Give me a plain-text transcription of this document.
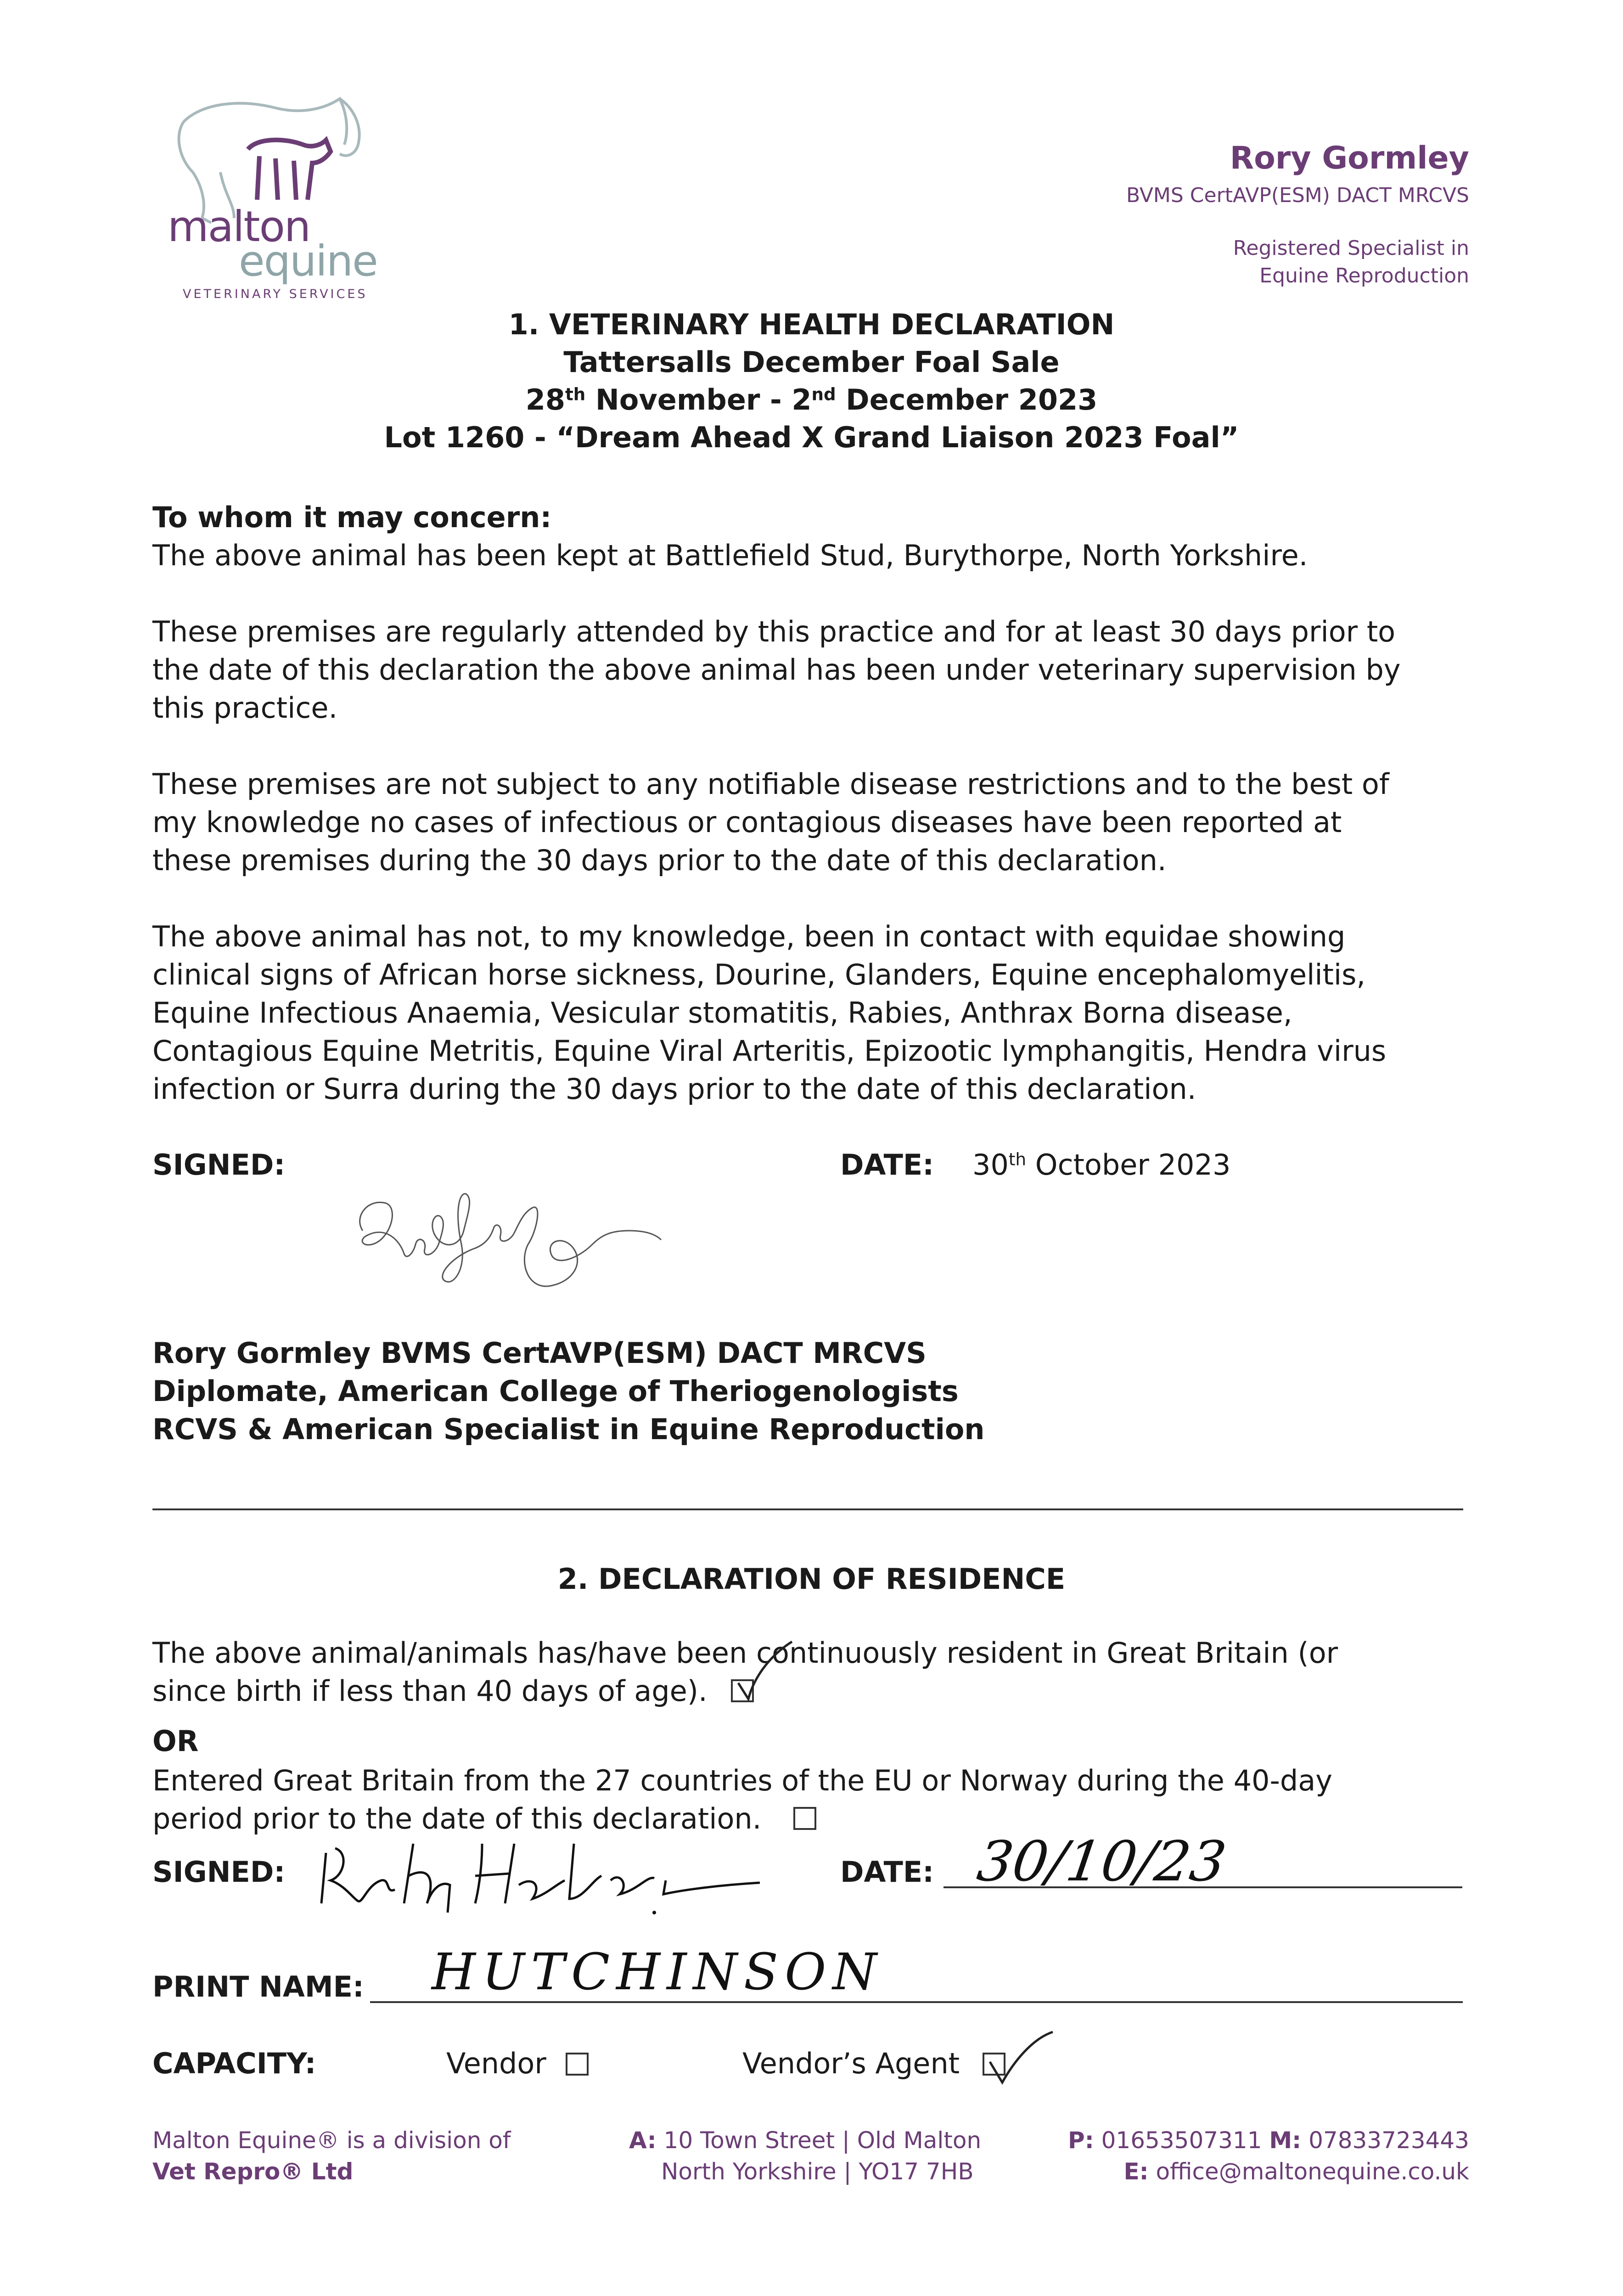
malton
equine
VETERINARY SERVICES
Rory Gormley
BVMS CertAVP(ESM) DACT MRCVS
Registered Specialist in
Equine Reproduction
1. VETERINARY HEALTH DECLARATION
Tattersalls December Foal Sale
28th November - 2nd December 2023
Lot 1260 - “Dream Ahead X Grand Liaison 2023 Foal”
To whom it may concern:
The above animal has been kept at Battlefield Stud, Burythorpe, North Yorkshire.
These premises are regularly attended by this practice and for at least 30 days prior to
the date of this declaration the above animal has been under veterinary supervision by
this practice.
These premises are not subject to any notifiable disease restrictions and to the best of
my knowledge no cases of infectious or contagious diseases have been reported at
these premises during the 30 days prior to the date of this declaration.
The above animal has not, to my knowledge, been in contact with equidae showing
clinical signs of African horse sickness, Dourine, Glanders, Equine encephalomyelitis,
Equine Infectious Anaemia, Vesicular stomatitis, Rabies, Anthrax Borna disease,
Contagious Equine Metritis, Equine Viral Arteritis, Epizootic lymphangitis, Hendra virus
infection or Surra during the 30 days prior to the date of this declaration.
SIGNED:	DATE: 30th October 2023
Rory Gormley BVMS CertAVP(ESM) DACT MRCVS
Diplomate, American College of Theriogenologists
RCVS & American Specialist in Equine Reproduction
2. DECLARATION OF RESIDENCE
The above animal/animals has/have been continuously resident in Great Britain (or
since birth if less than 40 days of age).
OR
Entered Great Britain from the 27 countries of the EU or Norway during the 40-day
period prior to the date of this declaration.
SIGNED:	DATE: 30/10/23
PRINT NAME: HUTCHINSON
CAPACITY:	Vendor	Vendor’s Agent
Malton Equine® is a division of
Vet Repro® Ltd
A: 10 Town Street | Old Malton
North Yorkshire | YO17 7HB
P: 01653507311 M: 07833723443
E: office@maltonequine.co.uk
